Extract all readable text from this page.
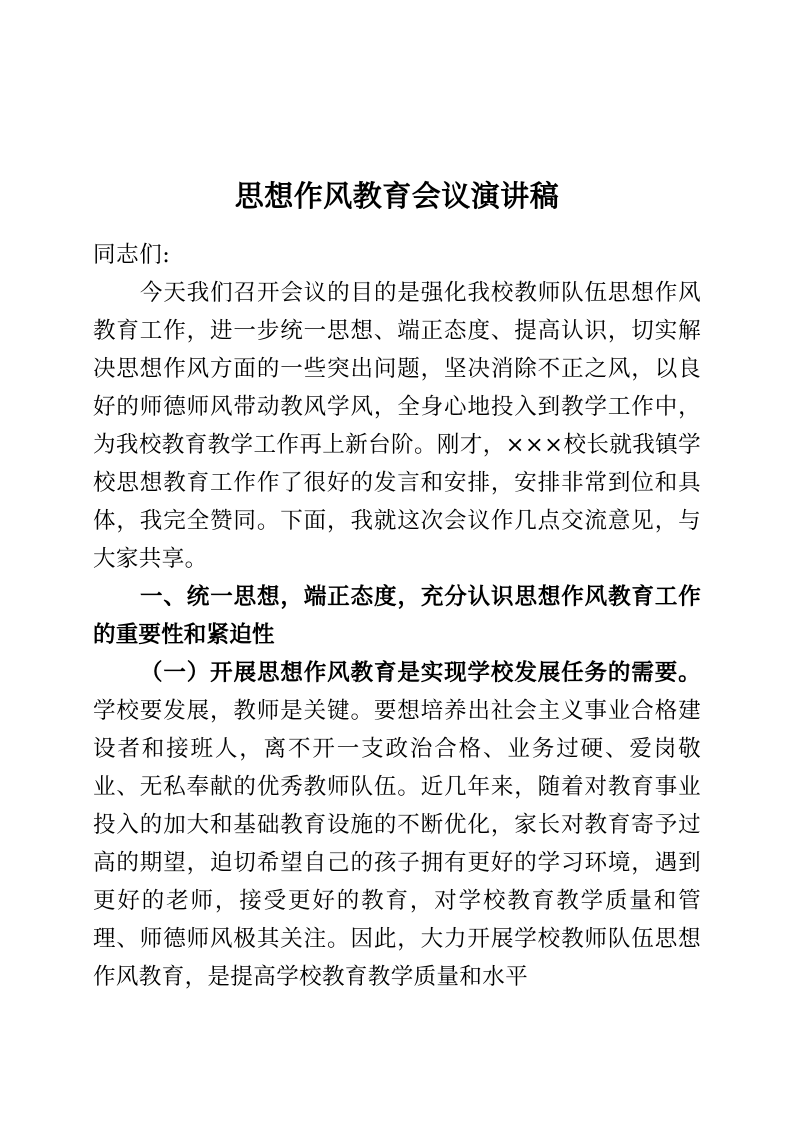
思想作风教育会议演讲稿

同志们:

今天我们召开会议的目的是强化我校教师队伍思想作风教育工作，进一步统一思想、端正态度、提高认识，切实解决思想作风方面的一些突出问题，坚决消除不正之风，以良好的师德师风带动教风学风，全身心地投入到教学工作中，为我校教育教学工作再上新台阶。刚才，×××校长就我镇学校思想教育工作作了很好的发言和安排，安排非常到位和具体，我完全赞同。下面，我就这次会议作几点交流意见，与大家共享。

一、统一思想，端正态度，充分认识思想作风教育工作的重要性和紧迫性

（一）开展思想作风教育是实现学校发展任务的需要。学校要发展，教师是关键。要想培养出社会主义事业合格建设者和接班人，离不开一支政治合格、业务过硬、爱岗敬业、无私奉献的优秀教师队伍。近几年来，随着对教育事业投入的加大和基础教育设施的不断优化，家长对教育寄予过高的期望，迫切希望自己的孩子拥有更好的学习环境，遇到更好的老师，接受更好的教育，对学校教育教学质量和管理、师德师风极其关注。因此，大力开展学校教师队伍思想作风教育，是提高学校教育教学质量和水平
